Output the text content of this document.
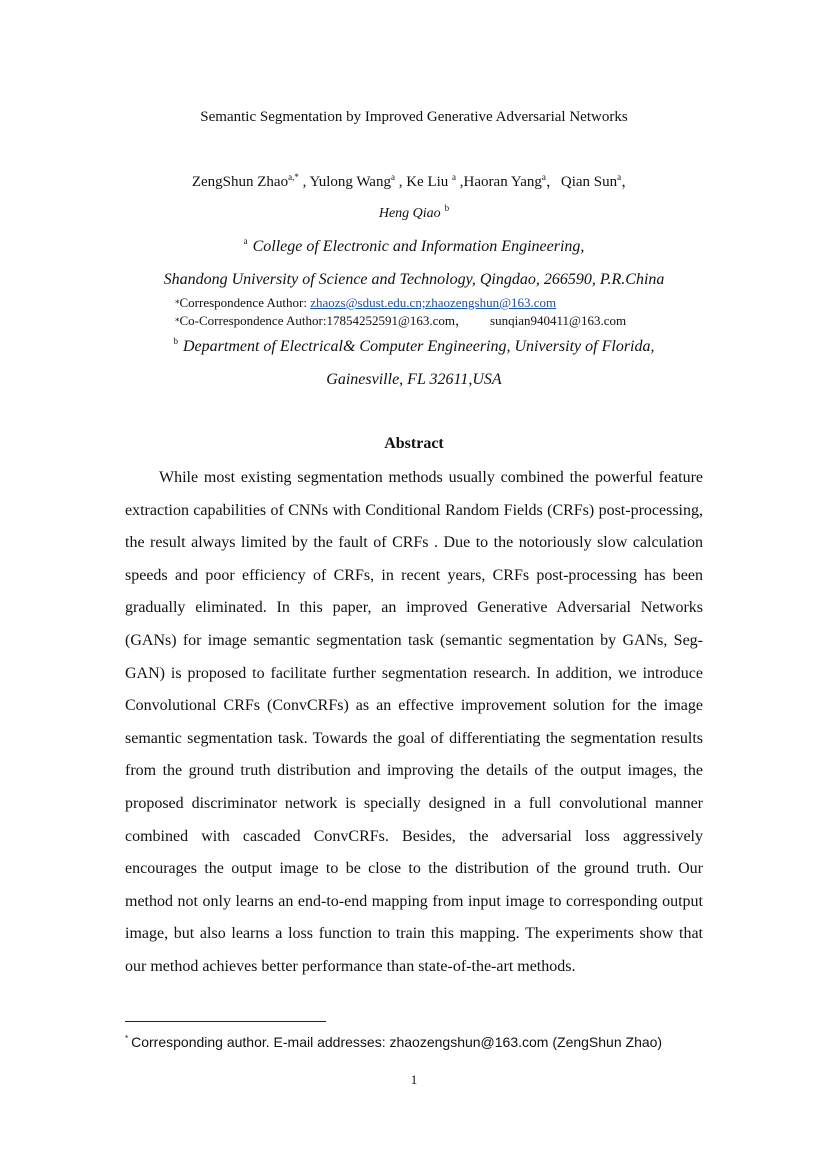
Semantic Segmentation by Improved Generative Adversarial Networks
ZengShun Zhao$^{a,*}$ , Yulong Wang$^a$ , Ke Liu $^a$ ,Haoran Yang$^a$，Qian Sun$^a$，
Heng Qiao $^b$
$^a$ College of Electronic and Information Engineering,
Shandong University of Science and Technology, Qingdao, 266590, P.R.China
*Correspondence Author: zhaozs@sdust.edu.cn;zhaozengshun@163.com
*Co-Correspondence Author:17854252591@163.com， sunqian940411@163.com
$^b$ Department of Electrical& Computer Engineering, University of Florida,
Gainesville, FL 32611,USA
Abstract

While most existing segmentation methods usually combined the powerful feature extraction capabilities of CNNs with Conditional Random Fields (CRFs) post-processing, the result always limited by the fault of CRFs . Due to the notoriously slow calculation speeds and poor efficiency of CRFs, in recent years, CRFs post-processing has been gradually eliminated. In this paper, an improved Generative Adversarial Networks (GANs) for image semantic segmentation task (semantic segmentation by GANs, Seg-GAN) is proposed to facilitate further segmentation research. In addition, we introduce Convolutional CRFs (ConvCRFs) as an effective improvement solution for the image semantic segmentation task. Towards the goal of differentiating the segmentation results from the ground truth distribution and improving the details of the output images, the proposed discriminator network is specially designed in a full convolutional manner combined with cascaded ConvCRFs. Besides, the adversarial loss aggressively encourages the output image to be close to the distribution of the ground truth. Our method not only learns an end-to-end mapping from input image to corresponding output image, but also learns a loss function to train this mapping. The experiments show that our method achieves better performance than state-of-the-art methods.

* Corresponding author. E-mail addresses: zhaozengshun@163.com (ZengShun Zhao)
1
